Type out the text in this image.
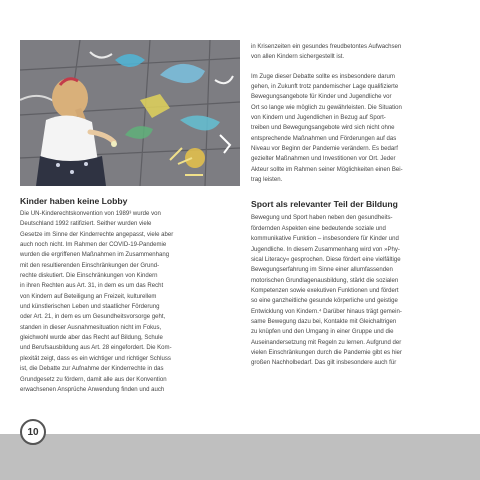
Kinder haben keine Lobby
Die UN-Kinderechtskonvention von 1989³ wurde von
Deutschland 1992 ratifiziert. Seither wurden viele
Gesetze im Sinne der Kinderrechte angepasst, viele aber
auch noch nicht. Im Rahmen der COVID-19-Pandemie
wurden die ergriffenen Maßnahmen im Zusammenhang
mit den resultierenden Einschränkungen der Grund-
rechte diskutiert. Die Einschränkungen von Kindern
in ihren Rechten aus Art. 31, in dem es um das Recht
von Kindern auf Beteiligung an Freizeit, kulturellem
und künstlerischen Leben und staatlicher Förderung
oder Art. 21, in dem es um Gesundheitsvorsorge geht,
standen in dieser Ausnahmesituation nicht im Fokus,
gleichwohl wurde aber das Recht auf Bildung, Schule
und Berufsausbildung aus Art. 28 eingefordert. Die Kom-
plexität zeigt, dass es ein wichtiger und richtiger Schluss
ist, die Debatte zur Aufnahme der Kinderrechte in das
Grundgesetz zu fördern, damit alle aus der Konvention
erwachsenen Ansprüche Anwendung finden und auch
in Krisenzeiten ein gesundes freudbetontes Aufwachsen
von allen Kindern sichergestellt ist.
Im Zuge dieser Debatte sollte es insbesondere darum
gehen, in Zukunft trotz pandemischer Lage qualifizierte
Bewegungsangebote für Kinder und Jugendliche vor
Ort so lange wie möglich zu gewährleisten. Die Situation
von Kindern und Jugendlichen in Bezug auf Sport-
treiben und Bewegungsangebote wird sich nicht ohne
entsprechende Maßnahmen und Förderungen auf das
Niveau vor Beginn der Pandemie verändern. Es bedarf
gezielter Maßnahmen und Investitionen vor Ort. Jeder
Akteur sollte im Rahmen seiner Möglichkeiten einen Bei-
trag leisten.
Sport als relevanter Teil der Bildung
Bewegung und Sport haben neben den gesundheits-
fördernden Aspekten eine bedeutende soziale und
kommunikative Funktion – insbesondere für Kinder und
Jugendliche. In diesem Zusammenhang wird von »Phy-
sical Literacy« gesprochen. Diese fördert eine vielfältige
Bewegungserfahrung im Sinne einer allumfassenden
motorischen Grundlagenausbildung, stärkt die sozialen
Kompetenzen sowie exekutiven Funktionen und fördert
so eine ganzheitliche gesunde körperliche und geistige
Entwicklung von Kindern.⁴ Darüber hinaus trägt gemein-
same Bewegung dazu bei, Kontakte mit Gleichaltrigen
zu knüpfen und den Umgang in einer Gruppe und die
Auseinandersetzung mit Regeln zu lernen. Aufgrund der
vielen Einschränkungen durch die Pandemie gibt es hier
großen Nachholbedarf. Das gilt insbesondere auch für
10
